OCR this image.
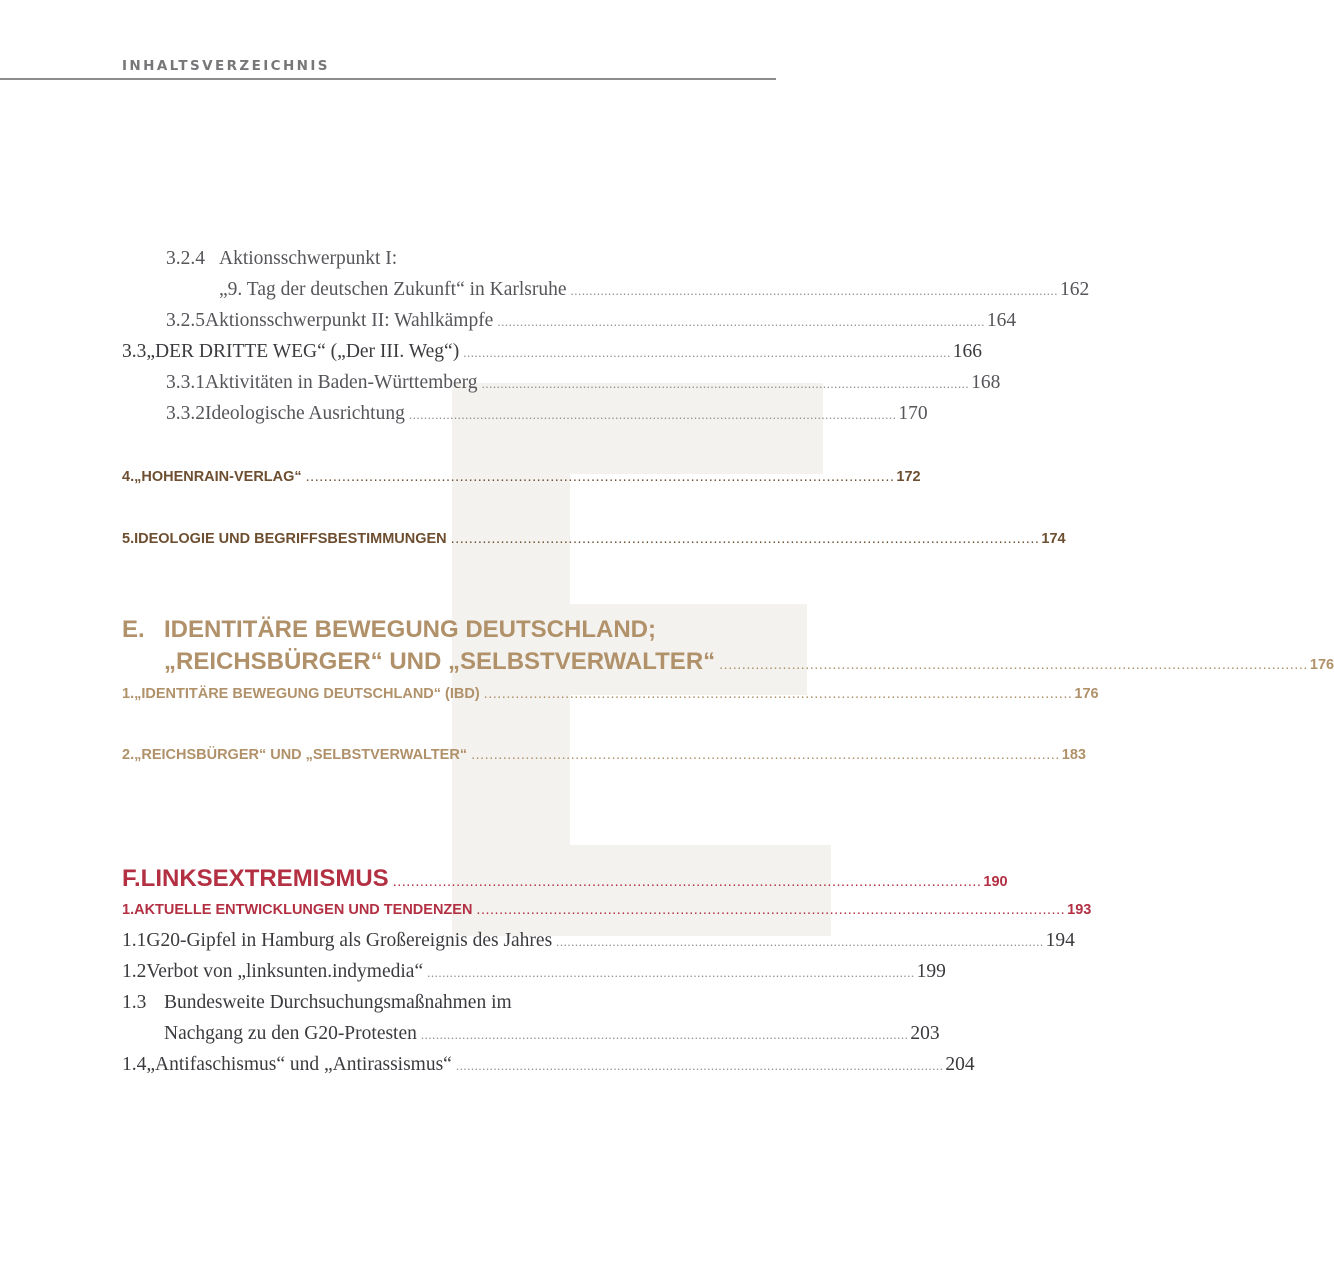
INHALTSVERZEICHNIS
3.2.4 Aktionsschwerpunkt I:
„9. Tag der deutschen Zukunft“ in Karlsruhe .................................................................................................................................. 162
3.2.5 Aktionsschwerpunkt II: Wahlkämpfe .................................................................................................................................. 164
3.3 „DER DRITTE WEG“ („Der III. Weg“) .................................................................................................................................. 166
3.3.1 Aktivitäten in Baden-Württemberg .................................................................................................................................. 168
3.3.2 Ideologische Ausrichtung .................................................................................................................................. 170
4. „HOHENRAIN-VERLAG“ .................................................................................................................................. 172
5. IDEOLOGIE UND BEGRIFFSBESTIMMUNGEN .................................................................................................................................. 174
E. IDENTITÄRE BEWEGUNG DEUTSCHLAND;
„REICHSBÜRGER“ UND „SELBSTVERWALTER“ .................................................................................................................................. 176
1. „IDENTITÄRE BEWEGUNG DEUTSCHLAND“ (IBD) .................................................................................................................................. 176
2. „REICHSBÜRGER“ UND „SELBSTVERWALTER“ .................................................................................................................................. 183
F. LINKSEXTREMISMUS .................................................................................................................................. 190
1. AKTUELLE ENTWICKLUNGEN UND TENDENZEN .................................................................................................................................. 193
1.1 G20-Gipfel in Hamburg als Großereignis des Jahres .................................................................................................................................. 194
1.2 Verbot von „linksunten.indymedia“ .................................................................................................................................. 199
1.3 Bundesweite Durchsuchungsmaßnahmen im
Nachgang zu den G20-Protesten .................................................................................................................................. 203
1.4 „Antifaschismus“ und „Antirassismus“ .................................................................................................................................. 204
